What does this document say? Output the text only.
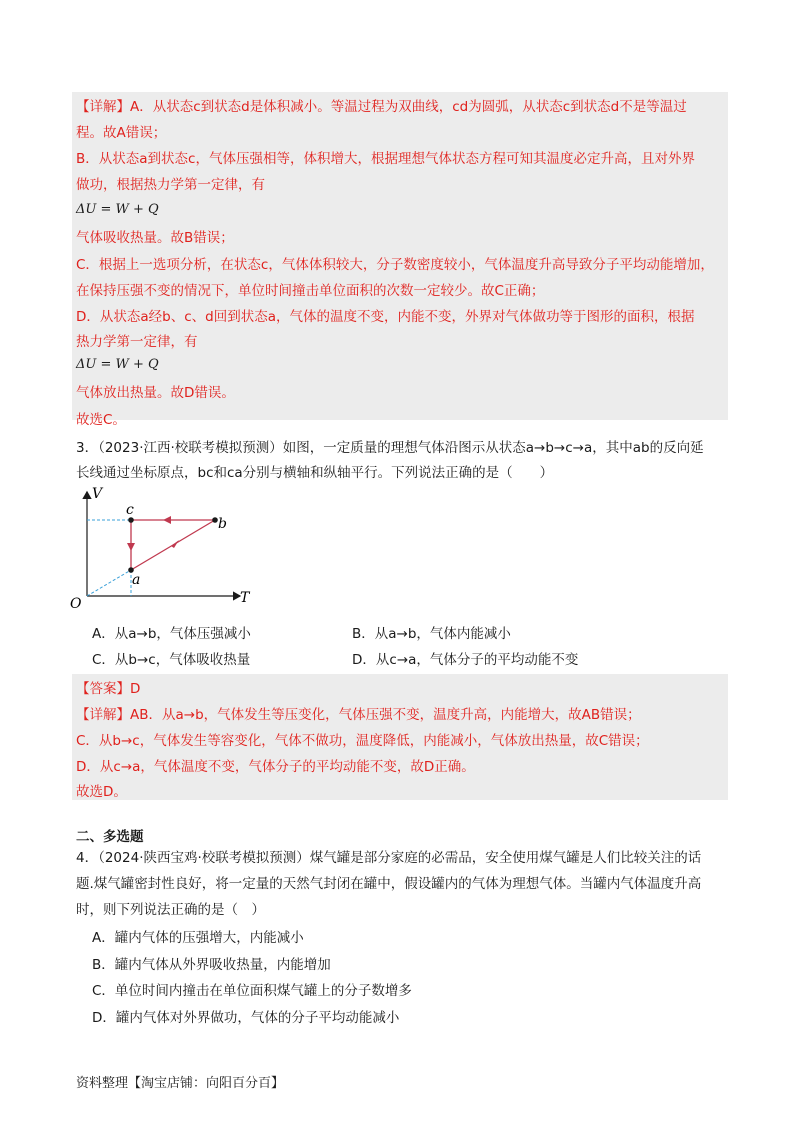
【详解】A．从状态c到状态d是体积减小。等温过程为双曲线，cd为圆弧，从状态c到状态d不是等温过
程。故A错误；
B．从状态a到状态c，气体压强相等，体积增大，根据理想气体状态方程可知其温度必定升高，且对外界
做功，根据热力学第一定律，有
ΔU = W + Q
气体吸收热量。故B错误；
C．根据上一选项分析，在状态c，气体体积较大，分子数密度较小，气体温度升高导致分子平均动能增加，
在保持压强不变的情况下，单位时间撞击单位面积的次数一定较少。故C正确；
D．从状态a经b、c、d回到状态a，气体的温度不变，内能不变，外界对气体做功等于图形的面积，根据
热力学第一定律，有
ΔU = W + Q
气体放出热量。故D错误。
故选C。
3．（2023·江西·校联考模拟预测）如图，一定质量的理想气体沿图示从状态a→b→c→a，其中ab的反向延
长线通过坐标原点，bc和ca分别与横轴和纵轴平行。下列说法正确的是（　　）
V
T
O
a
b
c
A．从a→b，气体压强减小	B．从a→b，气体内能减小
C．从b→c，气体吸收热量	D．从c→a，气体分子的平均动能不变
【答案】D
【详解】AB．从a→b，气体发生等压变化，气体压强不变，温度升高，内能增大，故AB错误；
C．从b→c，气体发生等容变化，气体不做功，温度降低，内能减小，气体放出热量，故C错误；
D．从c→a，气体温度不变，气体分子的平均动能不变，故D正确。
故选D。
二、多选题
4．（2024·陕西宝鸡·校联考模拟预测）煤气罐是部分家庭的必需品，安全使用煤气罐是人们比较关注的话
题.煤气罐密封性良好，将一定量的天然气封闭在罐中，假设罐内的气体为理想气体。当罐内气体温度升高
时，则下列说法正确的是（　）
A．罐内气体的压强增大，内能减小
B．罐内气体从外界吸收热量，内能增加
C．单位时间内撞击在单位面积煤气罐上的分子数增多
D．罐内气体对外界做功，气体的分子平均动能减小
资料整理【淘宝店铺：向阳百分百】
